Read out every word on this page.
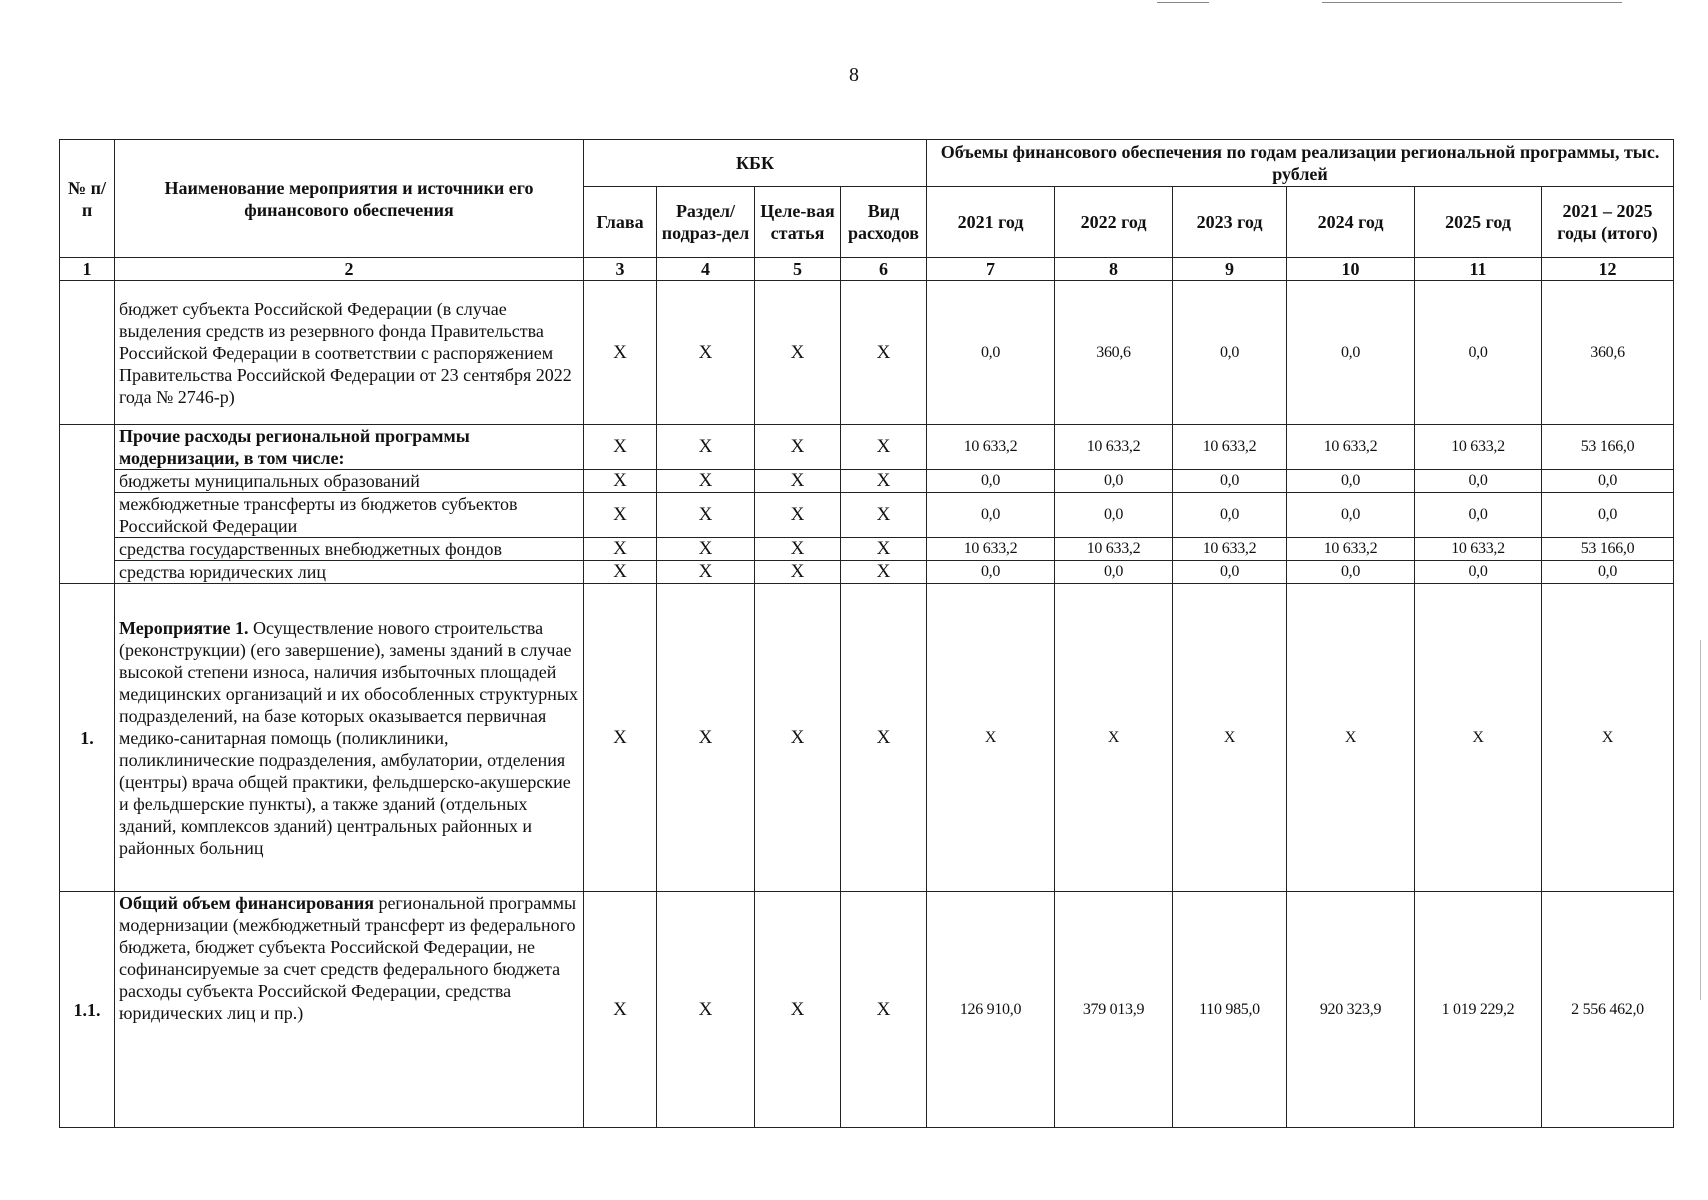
8
№ п/п	Наименование мероприятия и источники его финансового обеспечения	КБК				Объемы финансового обеспечения по годам реализации региональной программы, тыс. рублей					
		Глава	Раздел/ подраз-дел	Целе-вая статья	Вид расходов	2021 год	2022 год	2023 год	2024 год	2025 год	2021 – 2025 годы (итого)
1	2	3	4	5	6	7	8	9	10	11	12
	бюджет субъекта Российской Федерации (в случае выделения средств из резервного фонда Правительства Российской Федерации в соответствии с распоряжением Правительства Российской Федерации от 23 сентября 2022 года № 2746-р)	Х	Х	Х	Х	0,0	360,6	0,0	0,0	0,0	360,6
	Прочие расходы региональной программы модернизации, в том числе:	Х	Х	Х	Х	10 633,2	10 633,2	10 633,2	10 633,2	10 633,2	53 166,0
	бюджеты муниципальных образований	Х	Х	Х	Х	0,0	0,0	0,0	0,0	0,0	0,0
	межбюджетные трансферты из бюджетов субъектов Российской Федерации	Х	Х	Х	Х	0,0	0,0	0,0	0,0	0,0	0,0
	средства государственных внебюджетных фондов	Х	Х	Х	Х	10 633,2	10 633,2	10 633,2	10 633,2	10 633,2	53 166,0
	средства юридических лиц	Х	Х	Х	Х	0,0	0,0	0,0	0,0	0,0	0,0
1.	Мероприятие 1. Осуществление нового строительства (реконструкции) (его завершение), замены зданий в случае высокой степени износа, наличия избыточных площадей медицинских организаций и их обособленных структурных подразделений, на базе которых оказывается первичная медико-санитарная помощь (поликлиники, поликлинические подразделения, амбулатории, отделения (центры) врача общей практики, фельдшерско-акушерские и фельдшерские пункты), а также зданий (отдельных зданий, комплексов зданий) центральных районных и районных больниц	Х	Х	Х	Х	Х	Х	Х	Х	Х	Х
1.1.	Общий объем финансирования региональной программы модернизации (межбюджетный трансферт из федерального бюджета, бюджет субъекта Российской Федерации, не софинансируемые за счет средств федерального бюджета расходы субъекта Российской Федерации, средства юридических лиц и пр.)	Х	Х	Х	Х	126 910,0	379 013,9	110 985,0	920 323,9	1 019 229,2	2 556 462,0
